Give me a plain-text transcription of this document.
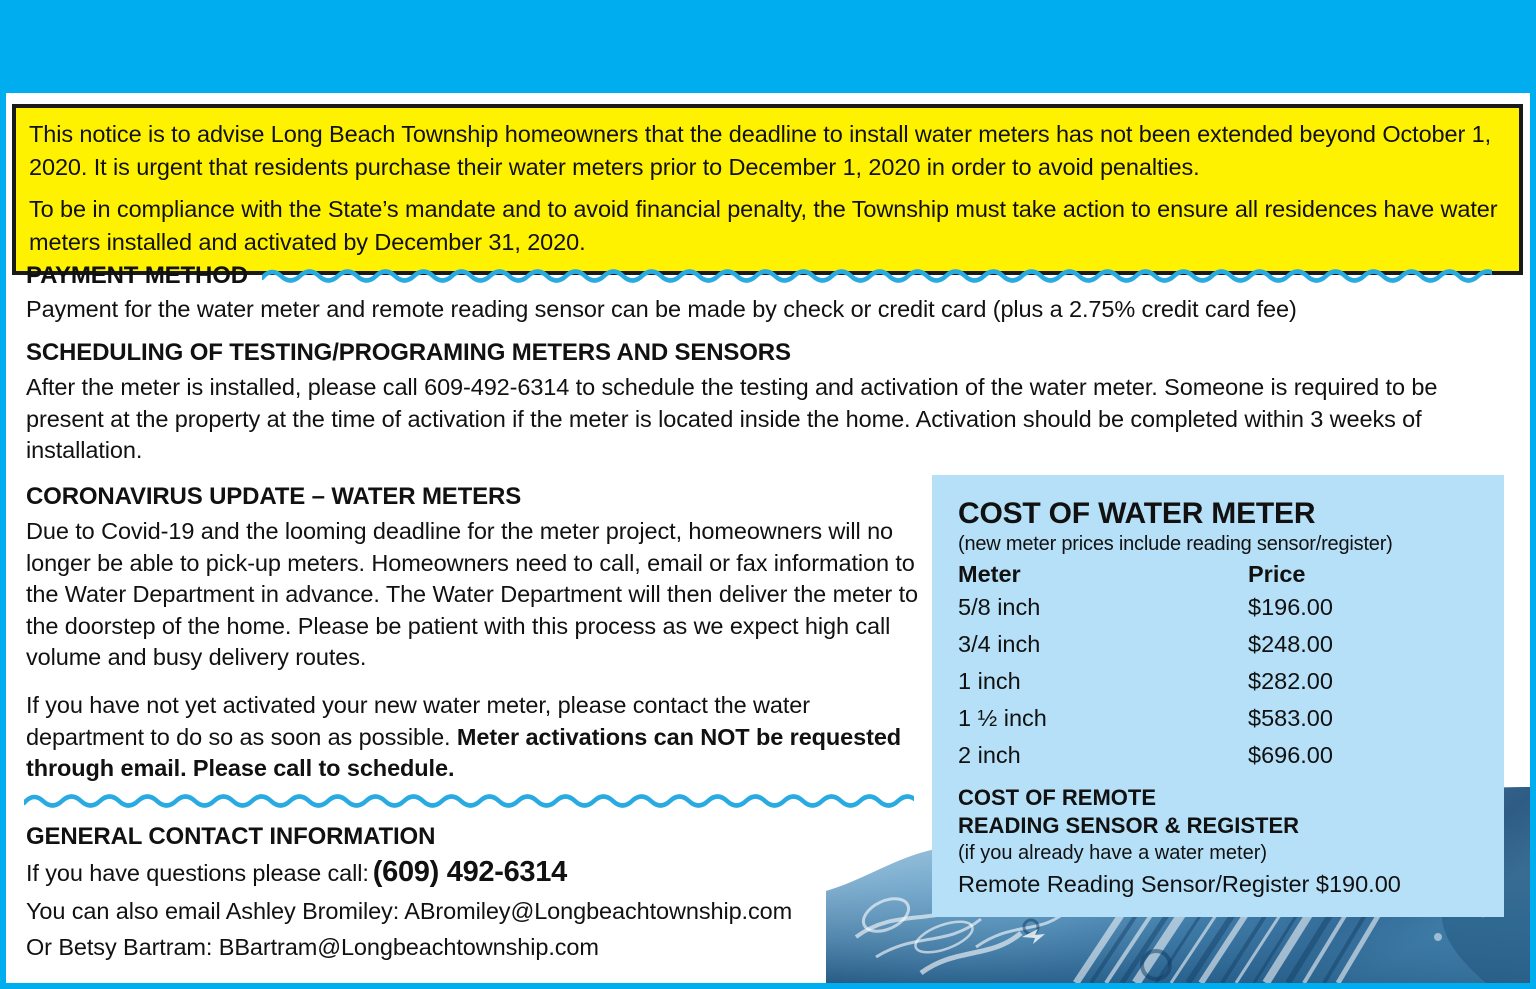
This notice is to advise Long Beach Township homeowners that the deadline to install water meters has not been extended beyond October 1, 2020. It is urgent that residents purchase their water meters prior to December 1, 2020 in order to avoid penalties.

To be in compliance with the State’s mandate and to avoid financial penalty, the Township must take action to ensure all residences have water meters installed and activated by December 31, 2020.

PAYMENT METHOD

Payment for the water meter and remote reading sensor can be made by check or credit card (plus a 2.75% credit card fee)

SCHEDULING OF TESTING/PROGRAMING METERS AND SENSORS

After the meter is installed, please call 609-492-6314 to schedule the testing and activation of the water meter. Someone is required to be present at the property at the time of activation if the meter is located inside the home. Activation should be completed within 3 weeks of installation.

CORONAVIRUS UPDATE – WATER METERS

Due to Covid-19 and the looming deadline for the meter project, homeowners will no longer be able to pick-up meters. Homeowners need to call, email or fax information to the Water Department in advance. The Water Department will then deliver the meter to the doorstep of the home. Please be patient with this process as we expect high call volume and busy delivery routes.

If you have not yet activated your new water meter, please contact the water department to do so as soon as possible. Meter activations can NOT be requested through email. Please call to schedule.

GENERAL CONTACT INFORMATION
If you have questions please call: (609) 492-6314
You can also email Ashley Bromiley: ABromiley@Longbeachtownship.com
Or Betsy Bartram: BBartram@Longbeachtownship.com
COST OF WATER METER
(new meter prices include reading sensor/register)
Meter	Price
5/8 inch	$196.00
3/4 inch	$248.00
1 inch	$282.00
1 ½ inch	$583.00
2 inch	$696.00
COST OF REMOTE
READING SENSOR & REGISTER
(if you already have a water meter)
Remote Reading Sensor/Register $190.00
